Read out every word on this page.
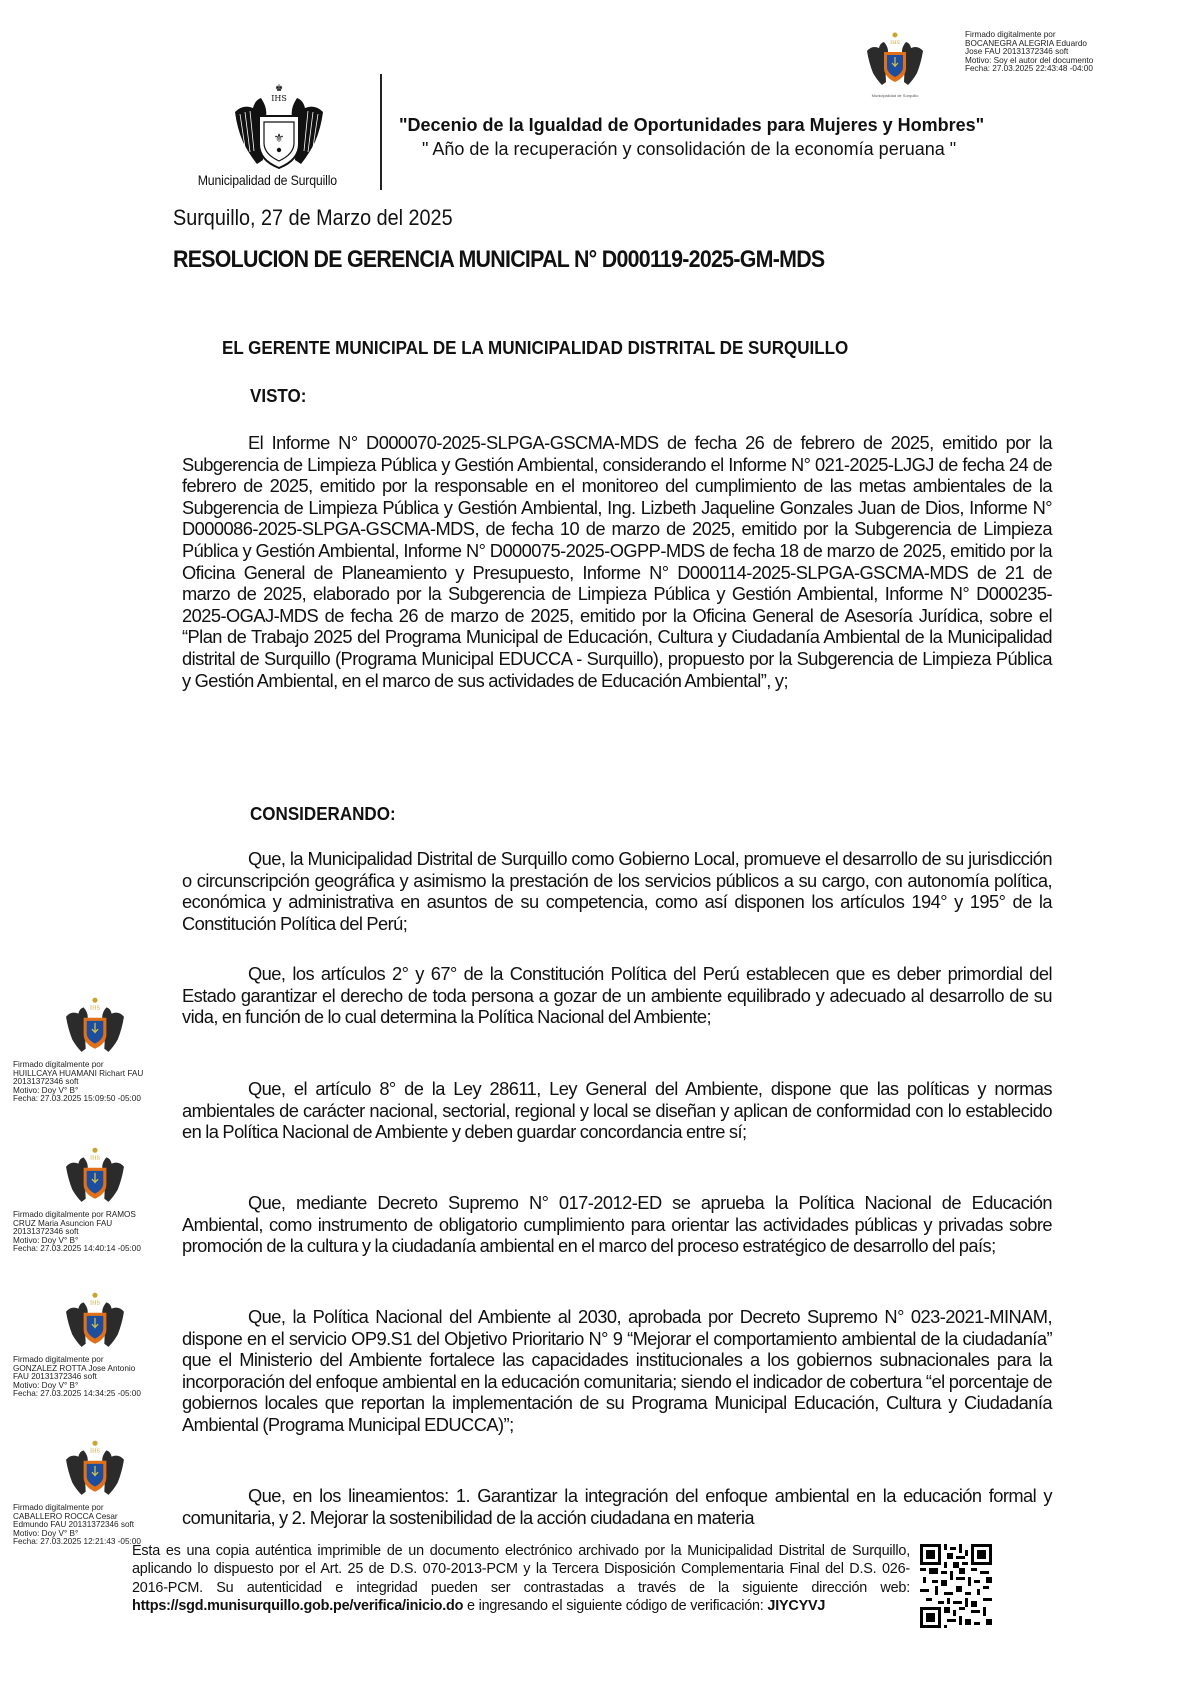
♚
IHS
⚜
Municipalidad de Surquillo
"Decenio de la Igualdad de Oportunidades para Mujeres y Hombres"
" Año de la recuperación y consolidación de la economía peruana "
IHS
Municipalidad de Surquillo
Firmado digitalmente por
BOCANEGRA ALEGRIA Eduardo
Jose FAU 20131372346 soft
Motivo: Soy el autor del documento
Fecha: 27.03.2025 22:43:48 -04:00
Surquillo, 27 de Marzo del 2025
RESOLUCION DE GERENCIA MUNICIPAL N° D000119-2025-GM-MDS
EL GERENTE MUNICIPAL DE LA MUNICIPALIDAD DISTRITAL DE SURQUILLO
VISTO:
El Informe N° D000070-2025-SLPGA-GSCMA-MDS de fecha 26 de febrero de 2025, emitido por la Subgerencia de Limpieza Pública y Gestión Ambiental, considerando el Informe N° 021-2025-LJGJ de fecha 24 de febrero de 2025, emitido por la responsable en el monitoreo del cumplimiento de las metas ambientales de la Subgerencia de Limpieza Pública y Gestión Ambiental, Ing. Lizbeth Jaqueline Gonzales Juan de Dios, Informe N° D000086-2025-SLPGA-GSCMA-MDS, de fecha 10 de marzo de 2025, emitido por la Subgerencia de Limpieza Pública y Gestión Ambiental, Informe N° D000075-2025-OGPP-MDS de fecha 18 de marzo de 2025, emitido por la Oficina General de Planeamiento y Presupuesto, Informe N° D000114-2025-SLPGA-GSCMA-MDS de 21 de marzo de 2025, elaborado por la Subgerencia de Limpieza Pública y Gestión Ambiental, Informe N° D000235-2025-OGAJ-MDS de fecha 26 de marzo de 2025, emitido por la Oficina General de Asesoría Jurídica, sobre el “Plan de Trabajo 2025 del Programa Municipal de Educación, Cultura y Ciudadanía Ambiental de la Municipalidad distrital de Surquillo (Programa Municipal EDUCCA - Surquillo), propuesto por la Subgerencia de Limpieza Pública y Gestión Ambiental, en el marco de sus actividades de Educación Ambiental”, y;
CONSIDERANDO:
Que, la Municipalidad Distrital de Surquillo como Gobierno Local, promueve el desarrollo de su jurisdicción o circunscripción geográfica y asimismo la prestación de los servicios públicos a su cargo, con autonomía política, económica y administrativa en asuntos de su competencia, como así disponen los artículos 194° y 195° de la Constitución Política del Perú;
Que, los artículos 2° y 67° de la Constitución Política del Perú establecen que es deber primordial del Estado garantizar el derecho de toda persona a gozar de un ambiente equilibrado y adecuado al desarrollo de su vida, en función de lo cual determina la Política Nacional del Ambiente;
Que, el artículo 8° de la Ley 28611, Ley General del Ambiente, dispone que las políticas y normas ambientales de carácter nacional, sectorial, regional y local se diseñan y aplican de conformidad con lo establecido en la Política Nacional de Ambiente y deben guardar concordancia entre sí;
Que, mediante Decreto Supremo N° 017-2012-ED se aprueba la Política Nacional de Educación Ambiental, como instrumento de obligatorio cumplimiento para orientar las actividades públicas y privadas sobre promoción de la cultura y la ciudadanía ambiental en el marco del proceso estratégico de desarrollo del país;
Que, la Política Nacional del Ambiente al 2030, aprobada por Decreto Supremo N° 023-2021-MINAM, dispone en el servicio OP9.S1 del Objetivo Prioritario N° 9 “Mejorar el comportamiento ambiental de la ciudadanía” que el Ministerio del Ambiente fortalece las capacidades institucionales a los gobiernos subnacionales para la incorporación del enfoque ambiental en la educación comunitaria; siendo el indicador de cobertura “el porcentaje de gobiernos locales que reportan la implementación de su Programa Municipal Educación, Cultura y Ciudadanía Ambiental (Programa Municipal EDUCCA)”;
Que, en los lineamientos: 1. Garantizar la integración del enfoque ambiental en la educación formal y comunitaria, y 2. Mejorar la sostenibilidad de la acción ciudadana en materia
IHS
Firmado digitalmente por
HUILLCAYA HUAMANI Richart FAU
20131372346 soft
Motivo: Doy V° B°
Fecha: 27.03.2025 15:09:50 -05:00
IHS
Firmado digitalmente por RAMOS
CRUZ Maria Asuncion FAU
20131372346 soft
Motivo: Doy V° B°
Fecha: 27.03.2025 14:40:14 -05:00
IHS
Firmado digitalmente por
GONZALEZ ROTTA Jose Antonio
FAU 20131372346 soft
Motivo: Doy V° B°
Fecha: 27.03.2025 14:34:25 -05:00
IHS
Firmado digitalmente por
CABALLERO ROCCA Cesar
Edmundo FAU 20131372346 soft
Motivo: Doy V° B°
Fecha: 27.03.2025 12:21:43 -05:00
Esta es una copia auténtica imprimible de un documento electrónico archivado por la Municipalidad Distrital de Surquillo, aplicando lo dispuesto por el Art. 25 de D.S. 070-2013-PCM y la Tercera Disposición Complementaria Final del D.S. 026- 2016-PCM. Su autenticidad e integridad pueden ser contrastadas a través de la siguiente dirección web: https://sgd.munisurquillo.gob.pe/verifica/inicio.do e ingresando el siguiente código de verificación: JIYCYVJ
